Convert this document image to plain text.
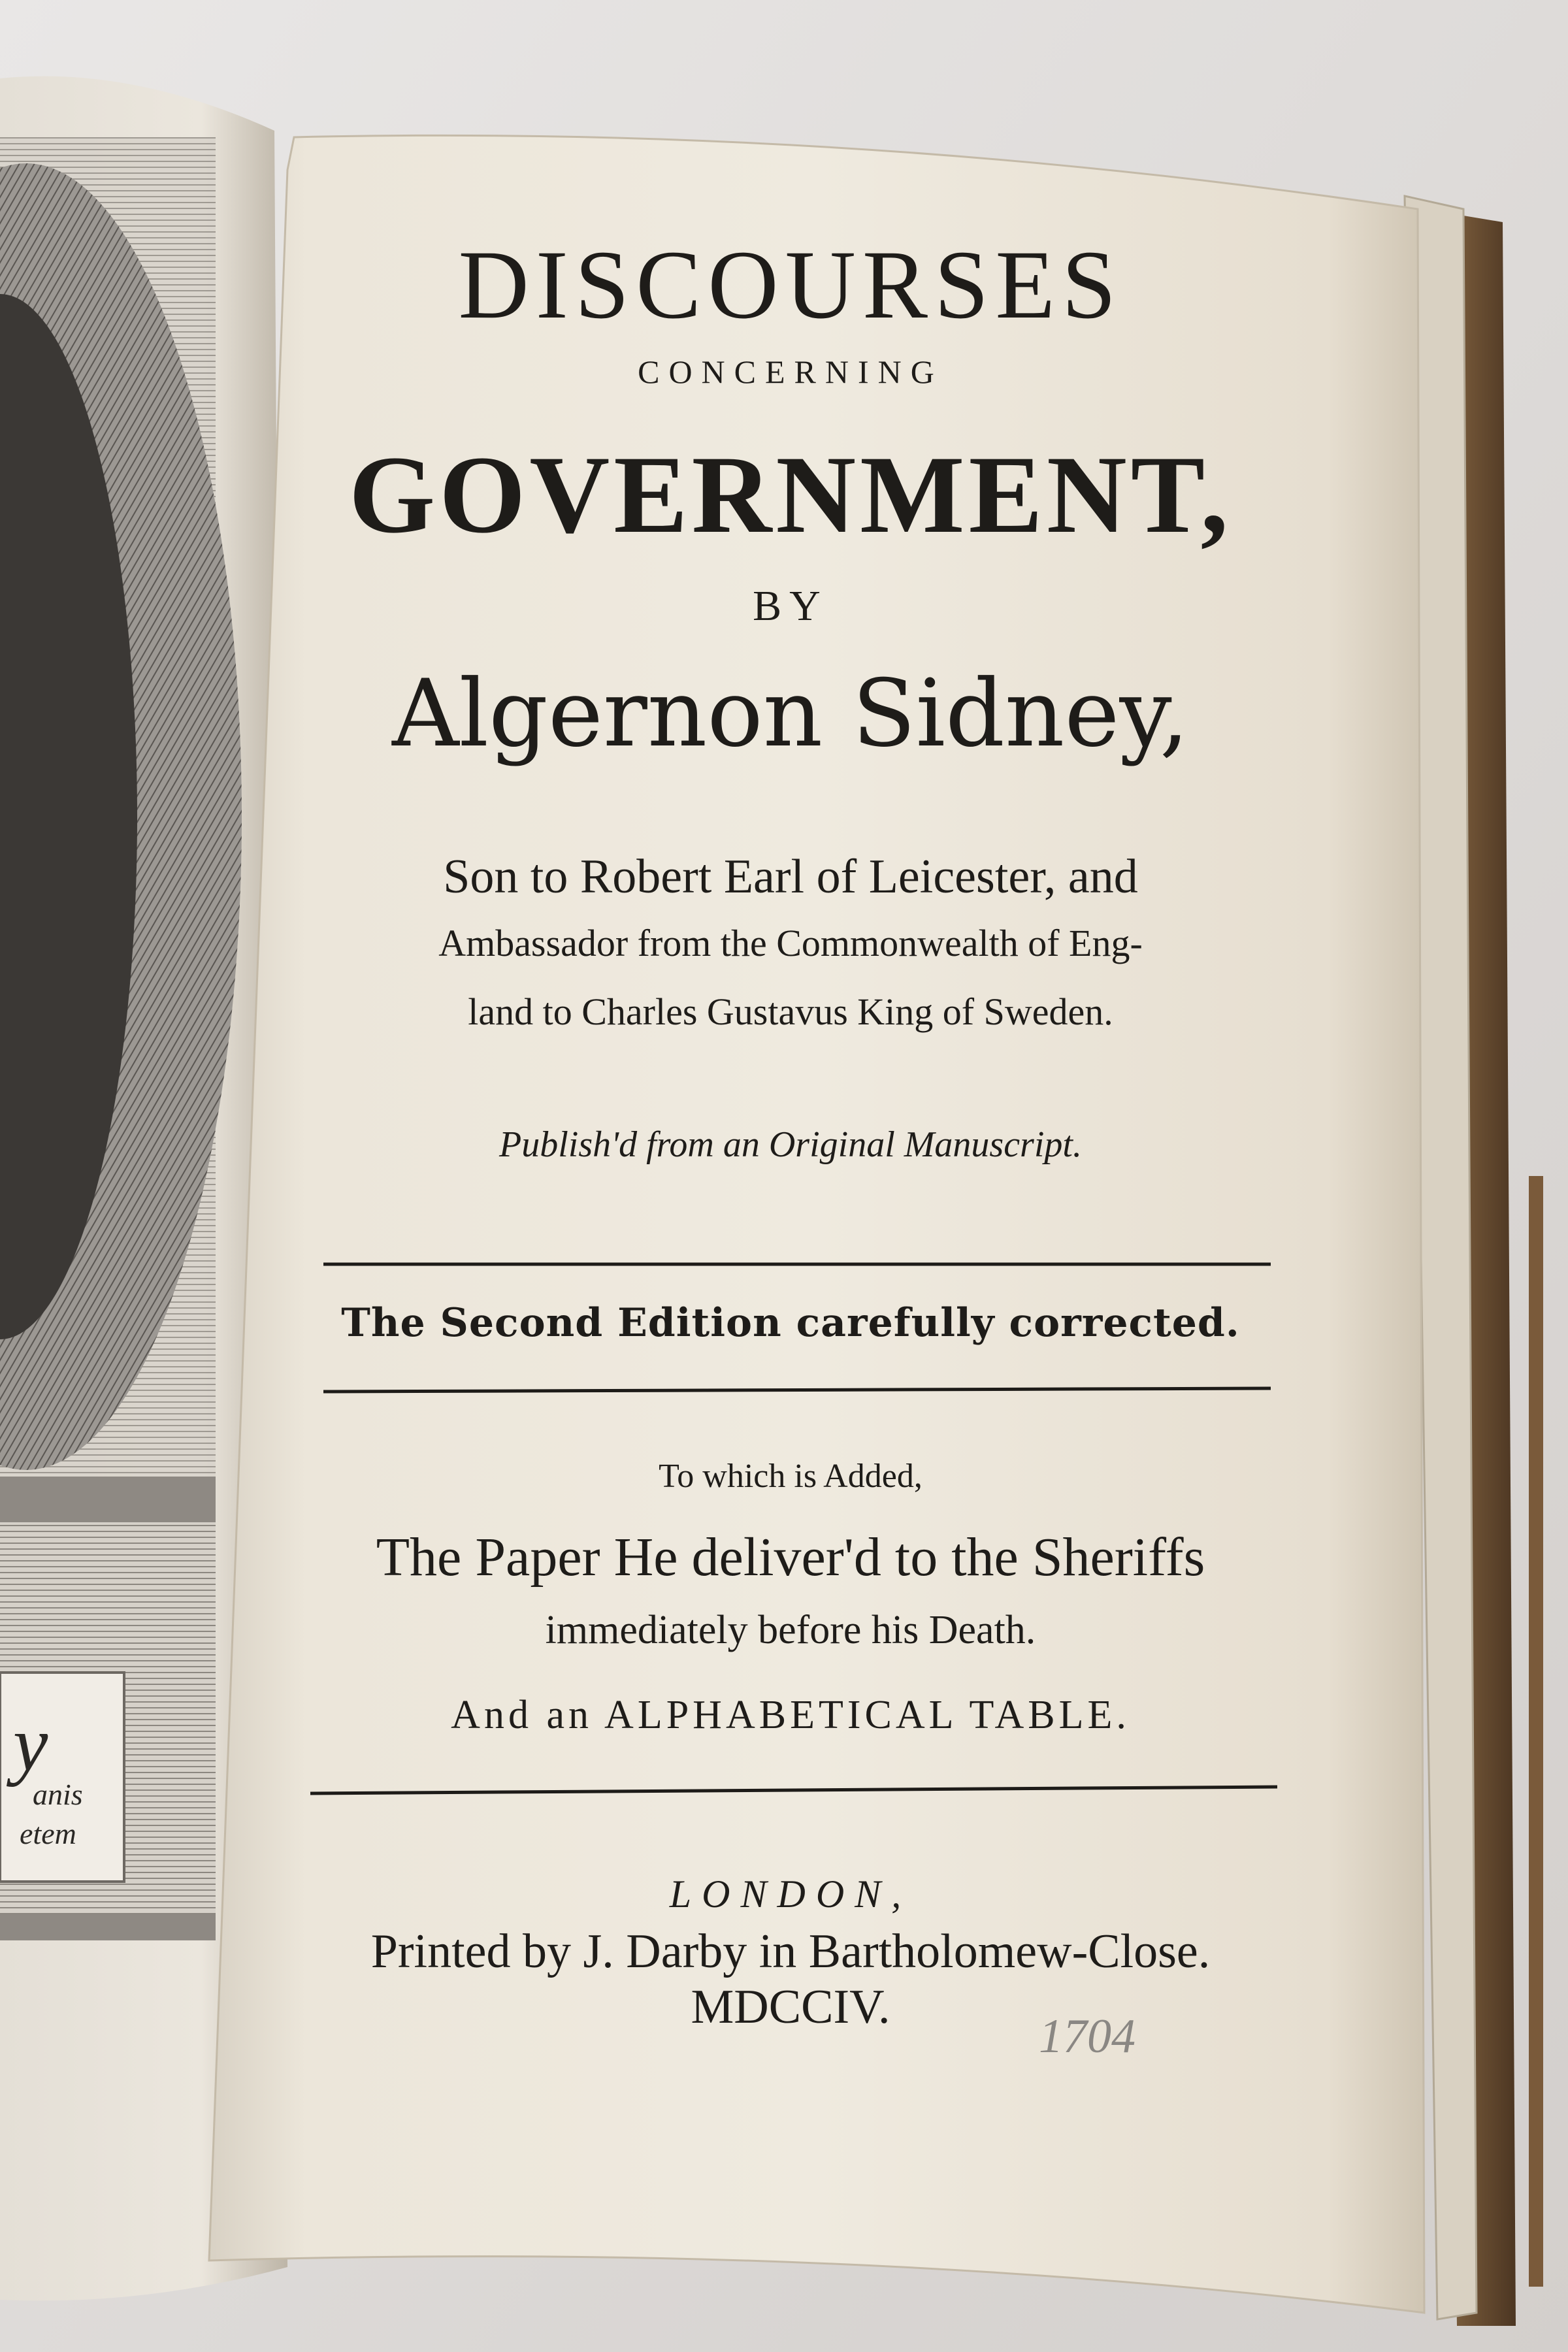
DISCOURSES
CONCERNING
GOVERNMENT,
BY
Algernon Sidney,
Son to Robert Earl of Leicester, and
Ambassador from the Commonwealth of Eng-
land to Charles Gustavus King of Sweden.
Publish'd from an Original Manuscript.
The Second Edition carefully corrected.
To which is Added,
The Paper He deliver'd to the Sheriffs
immediately before his Death.
And an ALPHABETICAL TABLE.
LONDON,
Printed by J. Darby in Bartholomew-Close. MDCCIV.
1704
y
anis
etem
